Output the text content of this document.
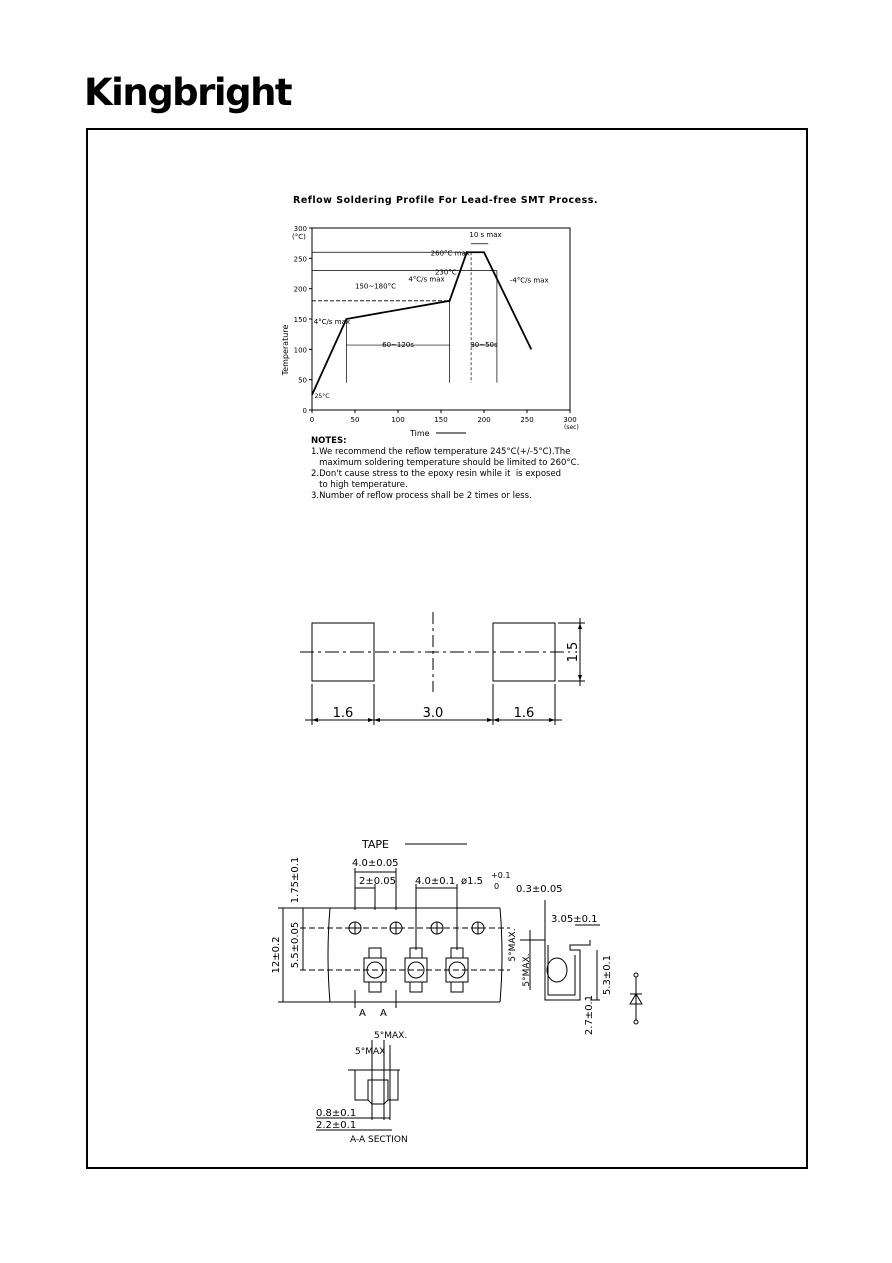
Kingbright
Reflow Soldering Profile For Lead-free SMT Process.
0	50	100	150	200	250	300
0
50
100
150
200
250
300
(°C)
(sec)
Time
Temperature
260°C max
230°C
150~180°C
60~120s	30~50s
10 s max
4°C/s max
4°C/s max	-4°C/s max
25°C
NOTES:
1.We recommend the reflow temperature 245°C(+/-5°C).The
maximum soldering temperature should be limited to 260°C.
2.Don't cause stress to the epoxy resin while it  is exposed
to high temperature.
3.Number of reflow process shall be 2 times or less.
1.6	3.0	1.6
1.5
TAPE
4.0±0.05
2±0.05 4.0±0.1 ø1.5
+0.1
0 0.3±0.05
3.05±0.1
1.75±0.1
5.5±0.05
12±0.2	5°MAX.
5°MAX.	5.3±0.1
2.7±0.1
A A
5°MAX.
5°MAX
0.8±0.1
2.2±0.1
A-A SECTION
